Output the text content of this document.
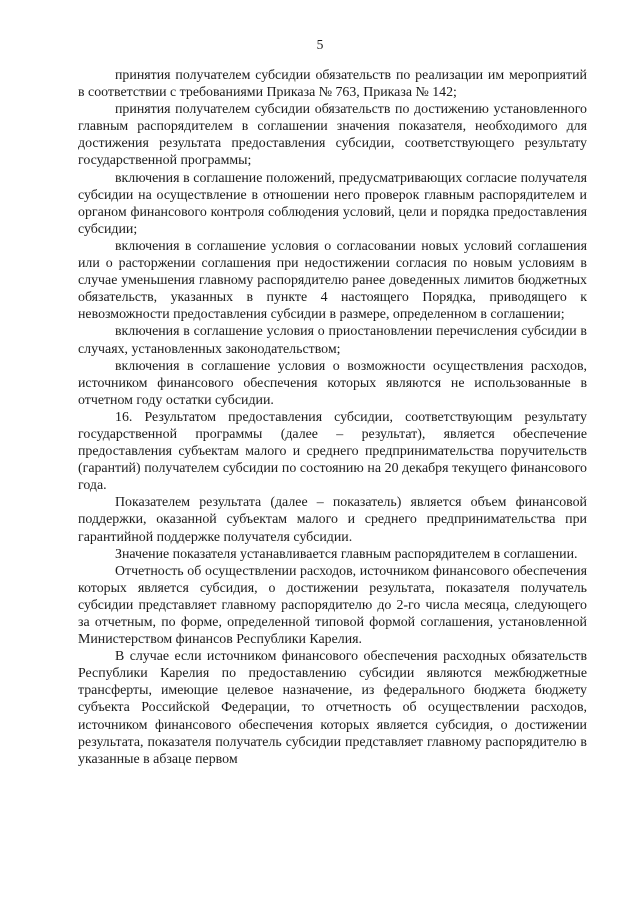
5

принятия получателем субсидии обязательств по реализации им мероприятий в соответствии с требованиями Приказа № 763, Приказа № 142;

принятия получателем субсидии обязательств по достижению установленного главным распорядителем в соглашении значения показателя, необходимого для достижения результата предоставления субсидии, соответствующего результату государственной программы;

включения в соглашение положений, предусматривающих согласие получателя субсидии на осуществление в отношении него проверок главным распорядителем и органом финансового контроля соблюдения условий, цели и порядка предоставления субсидии;

включения в соглашение условия о согласовании новых условий соглашения или о расторжении соглашения при недостижении согласия по новым условиям в случае уменьшения главному распорядителю ранее доведенных лимитов бюджетных обязательств, указанных в пункте 4 настоящего Порядка, приводящего к невозможности предоставления субсидии в размере, определенном в соглашении;

включения в соглашение условия о приостановлении перечисления субсидии в случаях, установленных законодательством;

включения в соглашение условия о возможности осуществления расходов, источником финансового обеспечения которых являются не использованные в отчетном году остатки субсидии.

16. Результатом предоставления субсидии, соответствующим результату государственной программы (далее – результат), является обеспечение предоставления субъектам малого и среднего предпринимательства поручительств (гарантий) получателем субсидии по состоянию на 20 декабря текущего финансового года.

Показателем результата (далее – показатель) является объем финансовой поддержки, оказанной субъектам малого и среднего предпринимательства при гарантийной поддержке получателя субсидии.

Значение показателя устанавливается главным распорядителем в соглашении.

Отчетность об осуществлении расходов, источником финансового обеспечения которых является субсидия, о достижении результата, показателя получатель субсидии представляет главному распорядителю до 2-го числа месяца, следующего за отчетным, по форме, определенной типовой формой соглашения, установленной Министерством финансов Республики Карелия.

В случае если источником финансового обеспечения расходных обязательств Республики Карелия по предоставлению субсидии являются межбюджетные трансферты, имеющие целевое назначение, из федерального бюджета бюджету субъекта Российской Федерации, то отчетность об осуществлении расходов, источником финансового обеспечения которых является субсидия, о достижении результата, показателя получатель субсидии представляет главному распорядителю в указанные в абзаце первом
